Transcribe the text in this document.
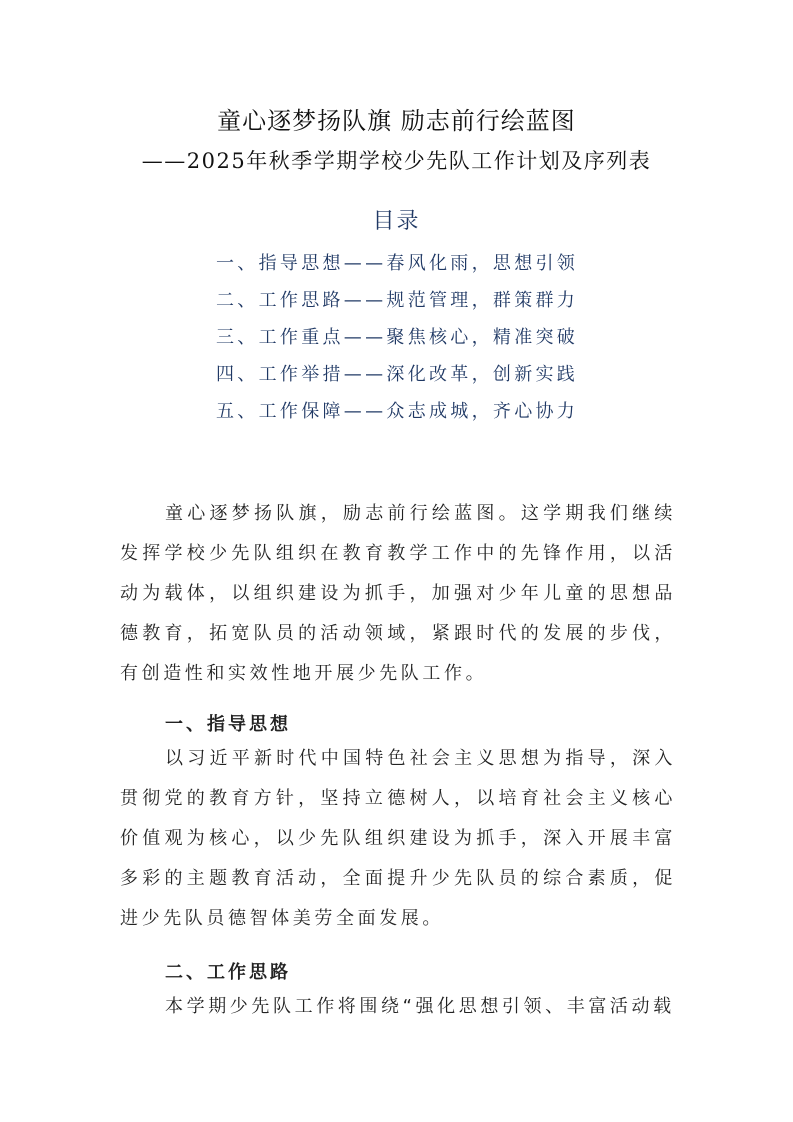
童心逐梦扬队旗 励志前行绘蓝图
——2025年秋季学期学校少先队工作计划及序列表
目录
一、指导思想——春风化雨，思想引领
二、工作思路——规范管理，群策群力
三、工作重点——聚焦核心，精准突破
四、工作举措——深化改革，创新实践
五、工作保障——众志成城，齐心协力

童心逐梦扬队旗，励志前行绘蓝图。这学期我们继续发挥学校少先队组织在教育教学工作中的先锋作用，以活动为载体，以组织建设为抓手，加强对少年儿童的思想品德教育，拓宽队员的活动领域，紧跟时代的发展的步伐，有创造性和实效性地开展少先队工作。

一、指导思想

以习近平新时代中国特色社会主义思想为指导，深入贯彻党的教育方针，坚持立德树人，以培育社会主义核心价值观为核心，以少先队组织建设为抓手，深入开展丰富多彩的主题教育活动，全面提升少先队员的综合素质，促进少先队员德智体美劳全面发展。

二、工作思路

本学期少先队工作将围绕“强化思想引领、丰富活动载
